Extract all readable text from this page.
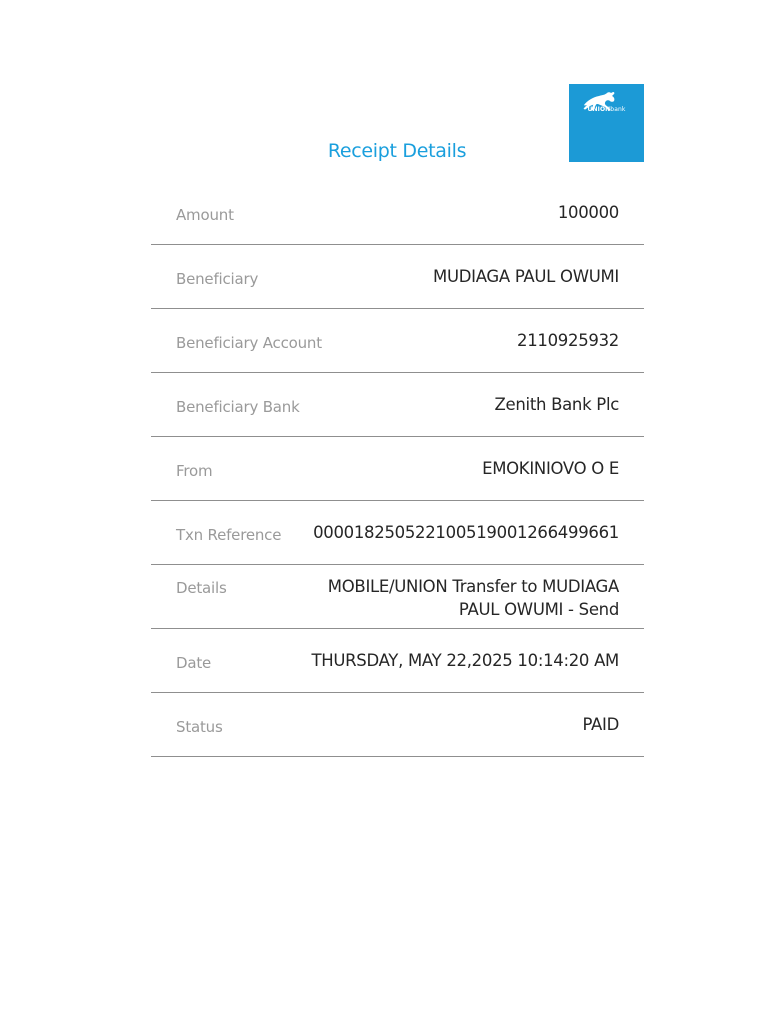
UNIONbank
Receipt Details
Amount	100000
Beneficiary	MUDIAGA PAUL OWUMI
Beneficiary Account	2110925932
Beneficiary Bank	Zenith Bank Plc
From	EMOKINIOVO O E
Txn Reference 000018250522100519001266499661
Details	MOBILE/UNION Transfer to MUDIAGA
PAUL OWUMI - Send
Date	THURSDAY, MAY 22,2025 10:14:20 AM
Status	PAID
